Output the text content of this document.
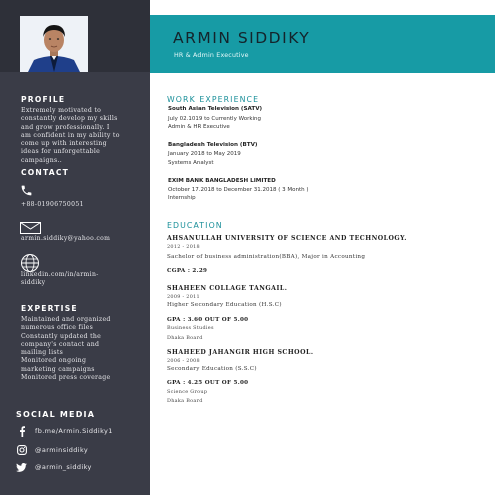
PROFILE
Extremely motivated to
constantly develop my skills
and grow professionally. I
am confident in my ability to
come up with interesting
ideas for unforgettable
campaigns..
CONTACT
+88-01906750051
armin.siddiky@yahoo.com
linkedin.com/in/armin-
siddiky
EXPERTISE
Maintained and organized
numerous office files
Constantly updated the
company's contact and
mailing lists
Monitored ongoing
marketing campaigns
Monitored press coverage
SOCIAL MEDIA
fb.me/Armin.Siddiky1
@arminsiddiky
@armin_siddiky
ARMIN SIDDIKY
HR & Admin Executive
WORK EXPERIENCE
South Asian Television (SATV)
July 02.1019 to Currently Working
Admin & HR Executive
Bangladesh Television (BTV)
January 2018 to May 2019
Systems Analyst
EXIM BANK BANGLADESH LIMITED
October 17.2018 to December 31.2018 ( 3 Month )
Internship
EDUCATION
AHSANULLAH UNIVERSITY OF SCIENCE AND TECHNOLOGY.
2012 - 2018
Sachelor of business administration(BBA), Major in Accounting
CGPA : 2.29
SHAHEEN COLLAGE TANGAIL.
2009 - 2011
Higher Secondary Education (H.S.C)
GPA : 3.60 OUT OF 5.00
Business Studies
Dhaka Board
SHAHEED JAHANGIR HIGH SCHOOL.
2006 - 2008
Secondary Education (S.S.C)
GPA : 4.25 OUT OF 5.00
Science Group
Dhaka Board
